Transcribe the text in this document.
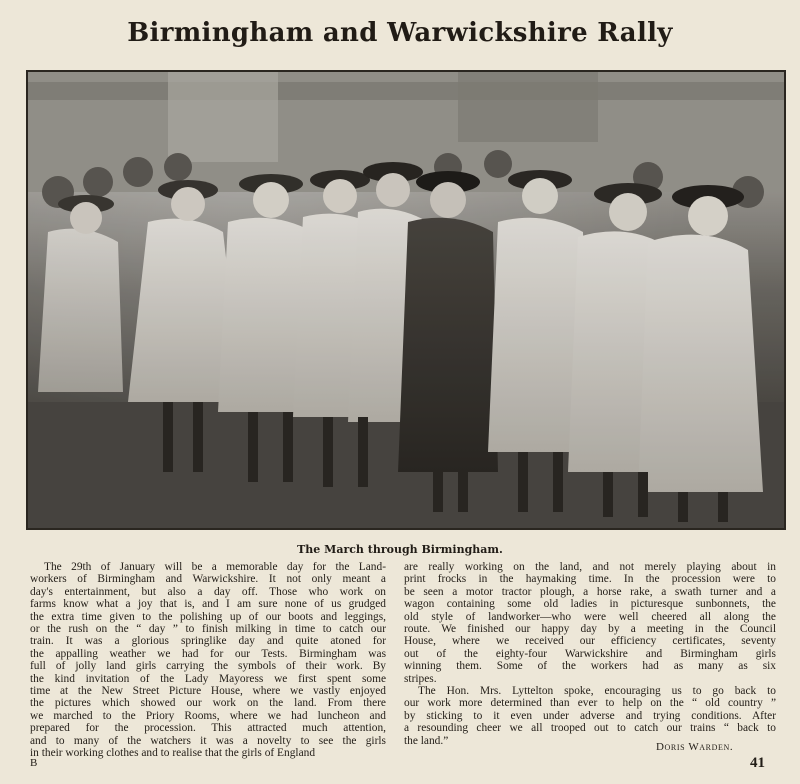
Birmingham and Warwickshire Rally
The March through Birmingham.
The 29th of January will be a memorable day for the Land-
workers of Birmingham and Warwickshire. It not only meant a
day's entertainment, but also a day off. Those who work on
farms know what a joy that is, and I am sure none of us grudged
the extra time given to the polishing up of our boots and leggings,
or the rush on the “ day ” to finish milking in time to catch our
train. It was a glorious springlike day and quite atoned for
the appalling weather we had for our Tests. Birmingham was
full of jolly land girls carrying the symbols of their work. By
the kind invitation of the Lady Mayoress we first spent some
time at the New Street Picture House, where we vastly enjoyed
the pictures which showed our work on the land. From there
we marched to the Priory Rooms, where we had luncheon and
prepared for the procession. This attracted much attention,
and to many of the watchers it was a novelty to see the girls
in their working clothes and to realise that the girls of England
are really working on the land, and not merely playing about in
print frocks in the haymaking time. In the procession were to
be seen a motor tractor plough, a horse rake, a swath turner and a
wagon containing some old ladies in picturesque sunbonnets, the
old style of landworker—who were well cheered all along the
route. We finished our happy day by a meeting in the Council
House, where we received our efficiency certificates, seventy
out of the eighty-four Warwickshire and Birmingham girls
winning them. Some of the workers had as many as six
stripes.
The Hon. Mrs. Lyttelton spoke, encouraging us to go back to
our work more determined than ever to help on the “ old country ”
by sticking to it even under adverse and trying conditions. After
a resounding cheer we all trooped out to catch our trains “ back to
the land.”
Doris Warden.
B	41
